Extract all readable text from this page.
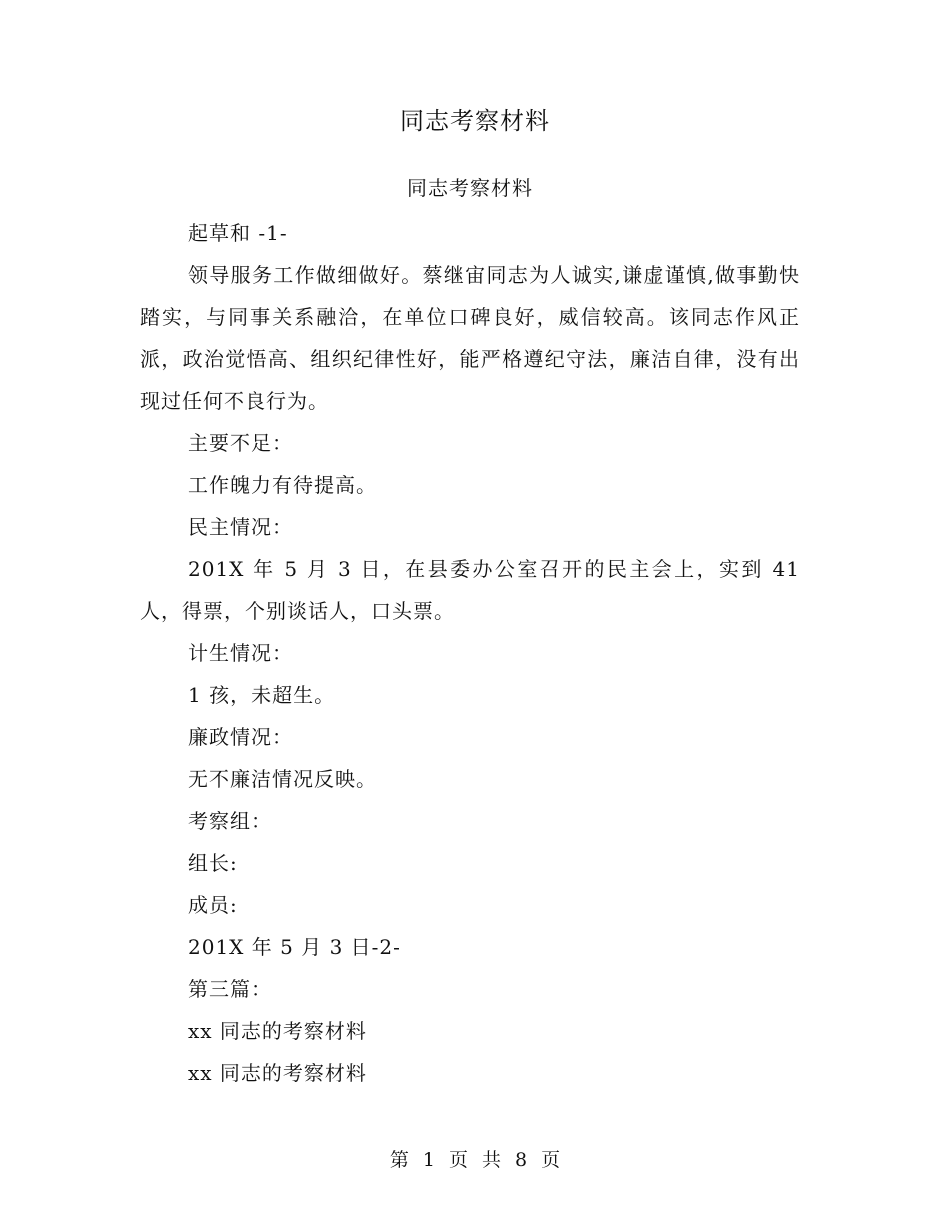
同志考察材料
同志考察材料

起草和 -1-

领导服务工作做细做好。蔡继宙同志为人诚实,谦虚谨慎,做事勤快踏实，与同事关系融洽，在单位口碑良好，威信较高。该同志作风正派，政治觉悟高、组织纪律性好，能严格遵纪守法，廉洁自律，没有出现过任何不良行为。

主要不足：

工作魄力有待提高。

民主情况：

201X 年 5 月 3 日，在县委办公室召开的民主会上，实到 41 人，得票，个别谈话人，口头票。

计生情况：

1 孩，未超生。

廉政情况：

无不廉洁情况反映。

考察组：

组长:

成员:

201X 年 5 月 3 日-2-

第三篇：

xx 同志的考察材料

xx 同志的考察材料

第 1 页 共 8 页
